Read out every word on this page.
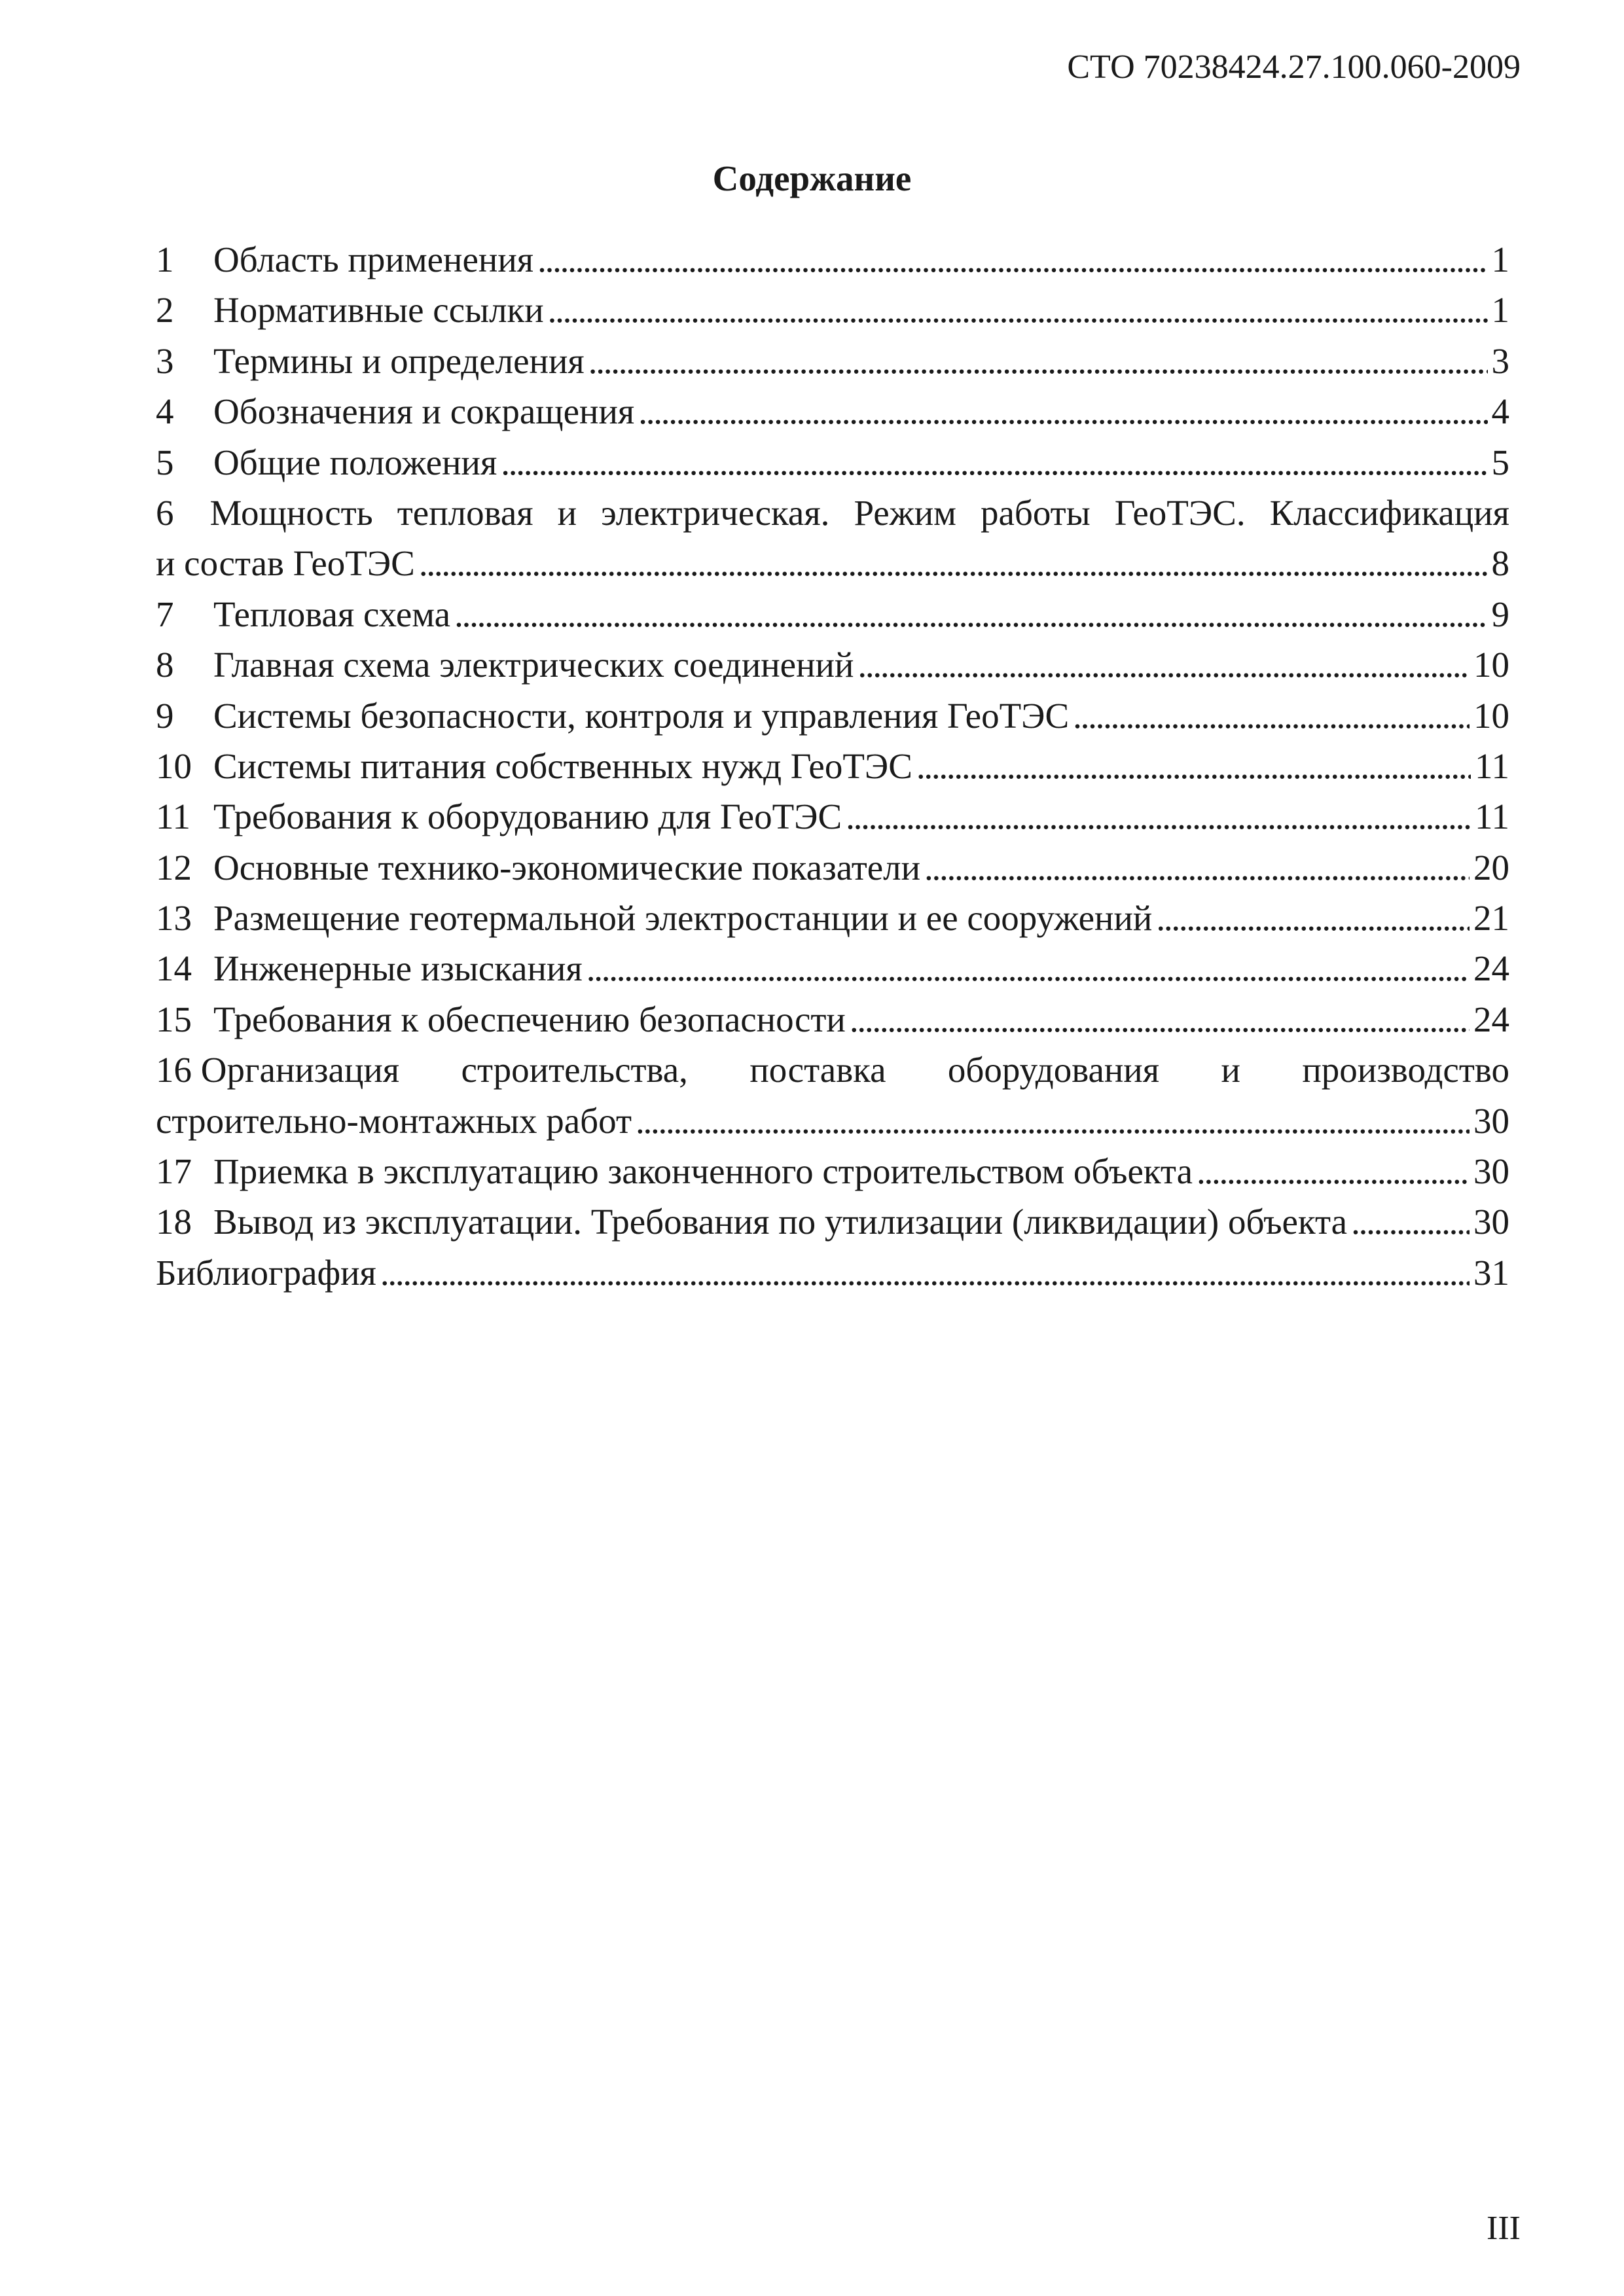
СТО 70238424.27.100.060-2009
Содержание
1	Область применения . . .	1
2	Нормативные ссылки . . .	1
3	Термины и определения . . .	3
4	Обозначения и сокращения . . .	4
5	Общие положения . . .	5
6 Мощность тепловая и электрическая. Режим работы ГеоТЭС. Классификация
и состав ГеоТЭС . . .	8
7	Тепловая схема . . .	9
8	Главная схема электрических соединений . . .	10
9	Системы безопасности, контроля и управления ГеоТЭС . . .	10
10 Системы питания собственных нужд ГеоТЭС . . .	11
11 Требования к оборудованию для ГеоТЭС . . .	11
12 Основные технико-экономические показатели . . .	20
13 Размещение геотермальной электростанции и ее сооружений . . .	21
14 Инженерные изыскания . . .	24
15 Требования к обеспечению безопасности . . .	24
16 Организация строительства, поставка оборудования и производство
строительно-монтажных работ . . .	30
17 Приемка в эксплуатацию законченного строительством объекта . . .	30
18 Вывод из эксплуатации. Требования по утилизации (ликвидации) объекта . . .	30
Библиография . . .	31
III
